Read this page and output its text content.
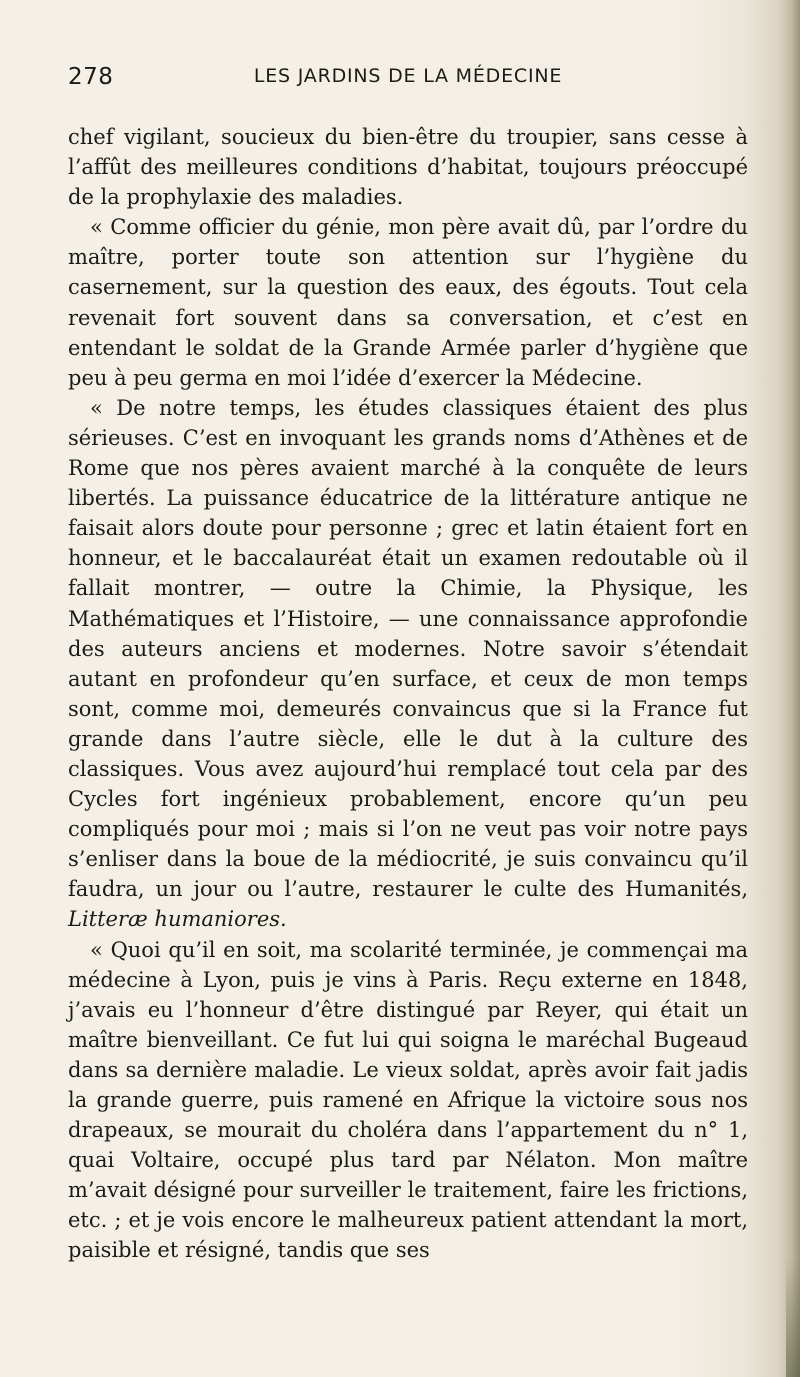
278	LES JARDINS DE LA MÉDECINE

chef vigilant, soucieux du bien-être du troupier, sans cesse à l’affût des meilleures conditions d’habitat, toujours préoccupé de la prophylaxie des maladies.

« Comme officier du génie, mon père avait dû, par l’ordre du maître, porter toute son attention sur l’hygiène du casernement, sur la question des eaux, des égouts. Tout cela revenait fort souvent dans sa conversation, et c’est en entendant le soldat de la Grande Armée parler d’hygiène que peu à peu germa en moi l’idée d’exercer la Médecine.

« De notre temps, les études classiques étaient des plus sérieuses. C’est en invoquant les grands noms d’Athènes et de Rome que nos pères avaient marché à la conquête de leurs libertés. La puissance éducatrice de la littérature antique ne faisait alors doute pour personne ; grec et latin étaient fort en honneur, et le baccalauréat était un examen redoutable où il fallait montrer, — outre la Chimie, la Physique, les Mathématiques et l’Histoire, — une connaissance approfondie des auteurs anciens et modernes. Notre savoir s’étendait autant en profondeur qu’en surface, et ceux de mon temps sont, comme moi, demeurés convaincus que si la France fut grande dans l’autre siècle, elle le dut à la culture des classiques. Vous avez aujourd’hui remplacé tout cela par des Cycles fort ingénieux probablement, encore qu’un peu compliqués pour moi ; mais si l’on ne veut pas voir notre pays s’enliser dans la boue de la médiocrité, je suis convaincu qu’il faudra, un jour ou l’autre, restaurer le culte des Humanités, Litteræ humaniores.

« Quoi qu’il en soit, ma scolarité terminée, je commençai ma médecine à Lyon, puis je vins à Paris. Reçu externe en 1848, j’avais eu l’honneur d’être distingué par Reyer, qui était un maître bienveillant. Ce fut lui qui soigna le maréchal Bugeaud dans sa dernière maladie. Le vieux soldat, après avoir fait jadis la grande guerre, puis ramené en Afrique la victoire sous nos drapeaux, se mourait du choléra dans l’appartement du n° 1, quai Voltaire, occupé plus tard par Nélaton. Mon maître m’avait désigné pour surveiller le traitement, faire les frictions, etc. ; et je vois encore le malheureux patient attendant la mort, paisible et résigné, tandis que ses
